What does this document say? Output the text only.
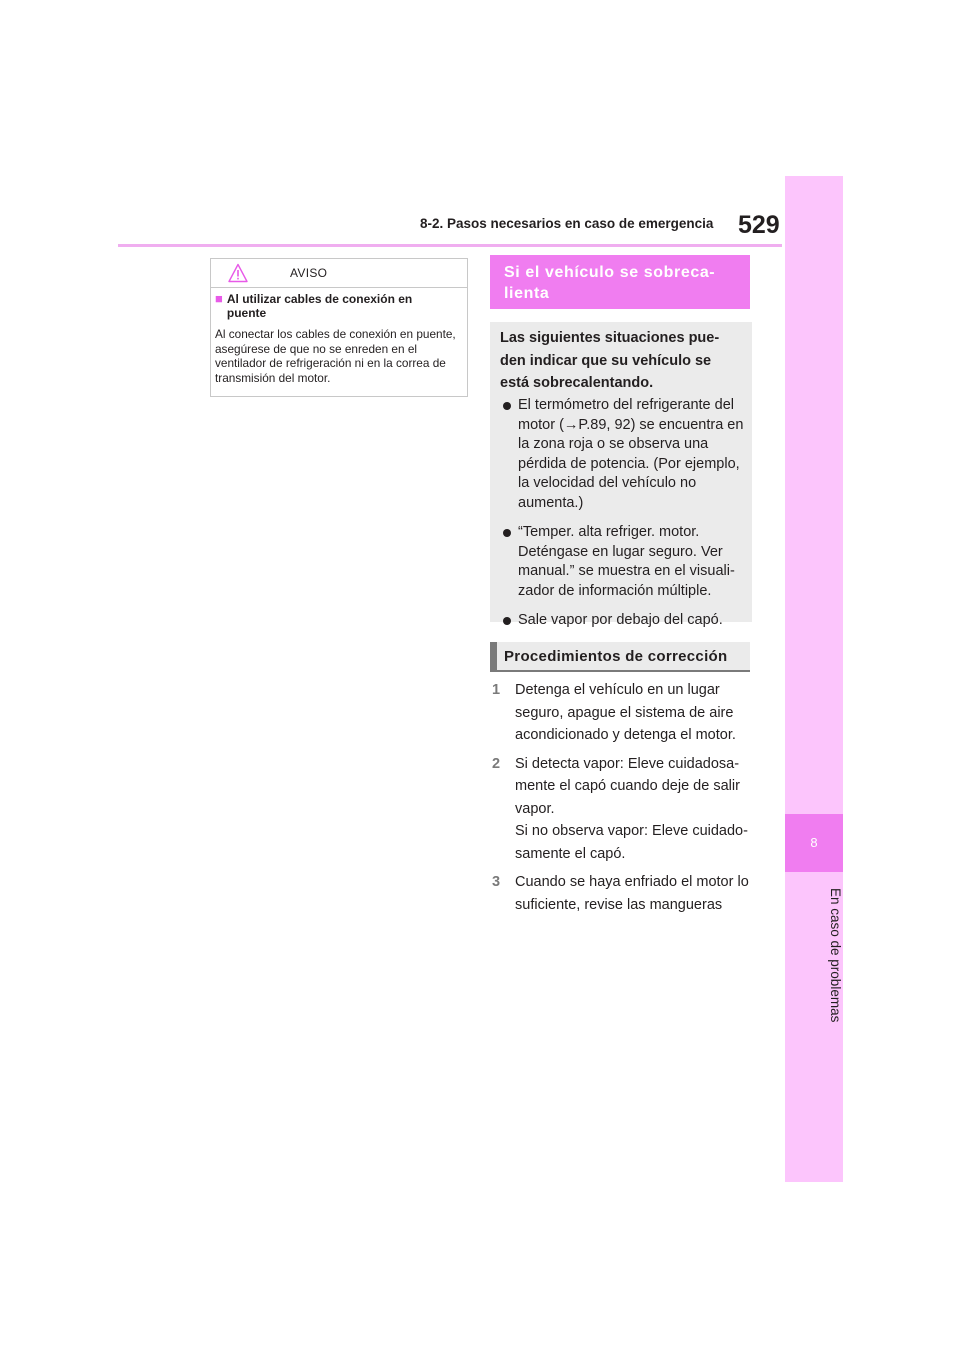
8-2. Pasos necesarios en caso de emergencia 529
8
En caso de problemas
AVISO
■ Al utilizar cables de conexión en puente
Al conectar los cables de conexión en puente, asegúrese de que no se enreden en el ventilador de refrigeración ni en la correa de transmisión del motor.
Si el vehículo se sobreca-lienta
Las siguientes situaciones pue-den indicar que su vehículo se está sobrecalentando.
El termómetro del refrigerante del motor (→P.89, 92) se encuentra en la zona roja o se observa una pérdida de potencia. (Por ejemplo, la velocidad del vehículo no aumenta.)
“Temper. alta refriger. motor. Deténgase en lugar seguro. Ver manual.” se muestra en el visuali-zador de información múltiple.
Sale vapor por debajo del capó.
Procedimientos de corrección
1 Detenga el vehículo en un lugar seguro, apague el sistema de aire acondicionado y detenga el motor.
2 Si detecta vapor: Eleve cuidadosa-mente el capó cuando deje de salir vapor.
Si no observa vapor: Eleve cuidado-samente el capó.
3 Cuando se haya enfriado el motor lo suficiente, revise las mangueras
